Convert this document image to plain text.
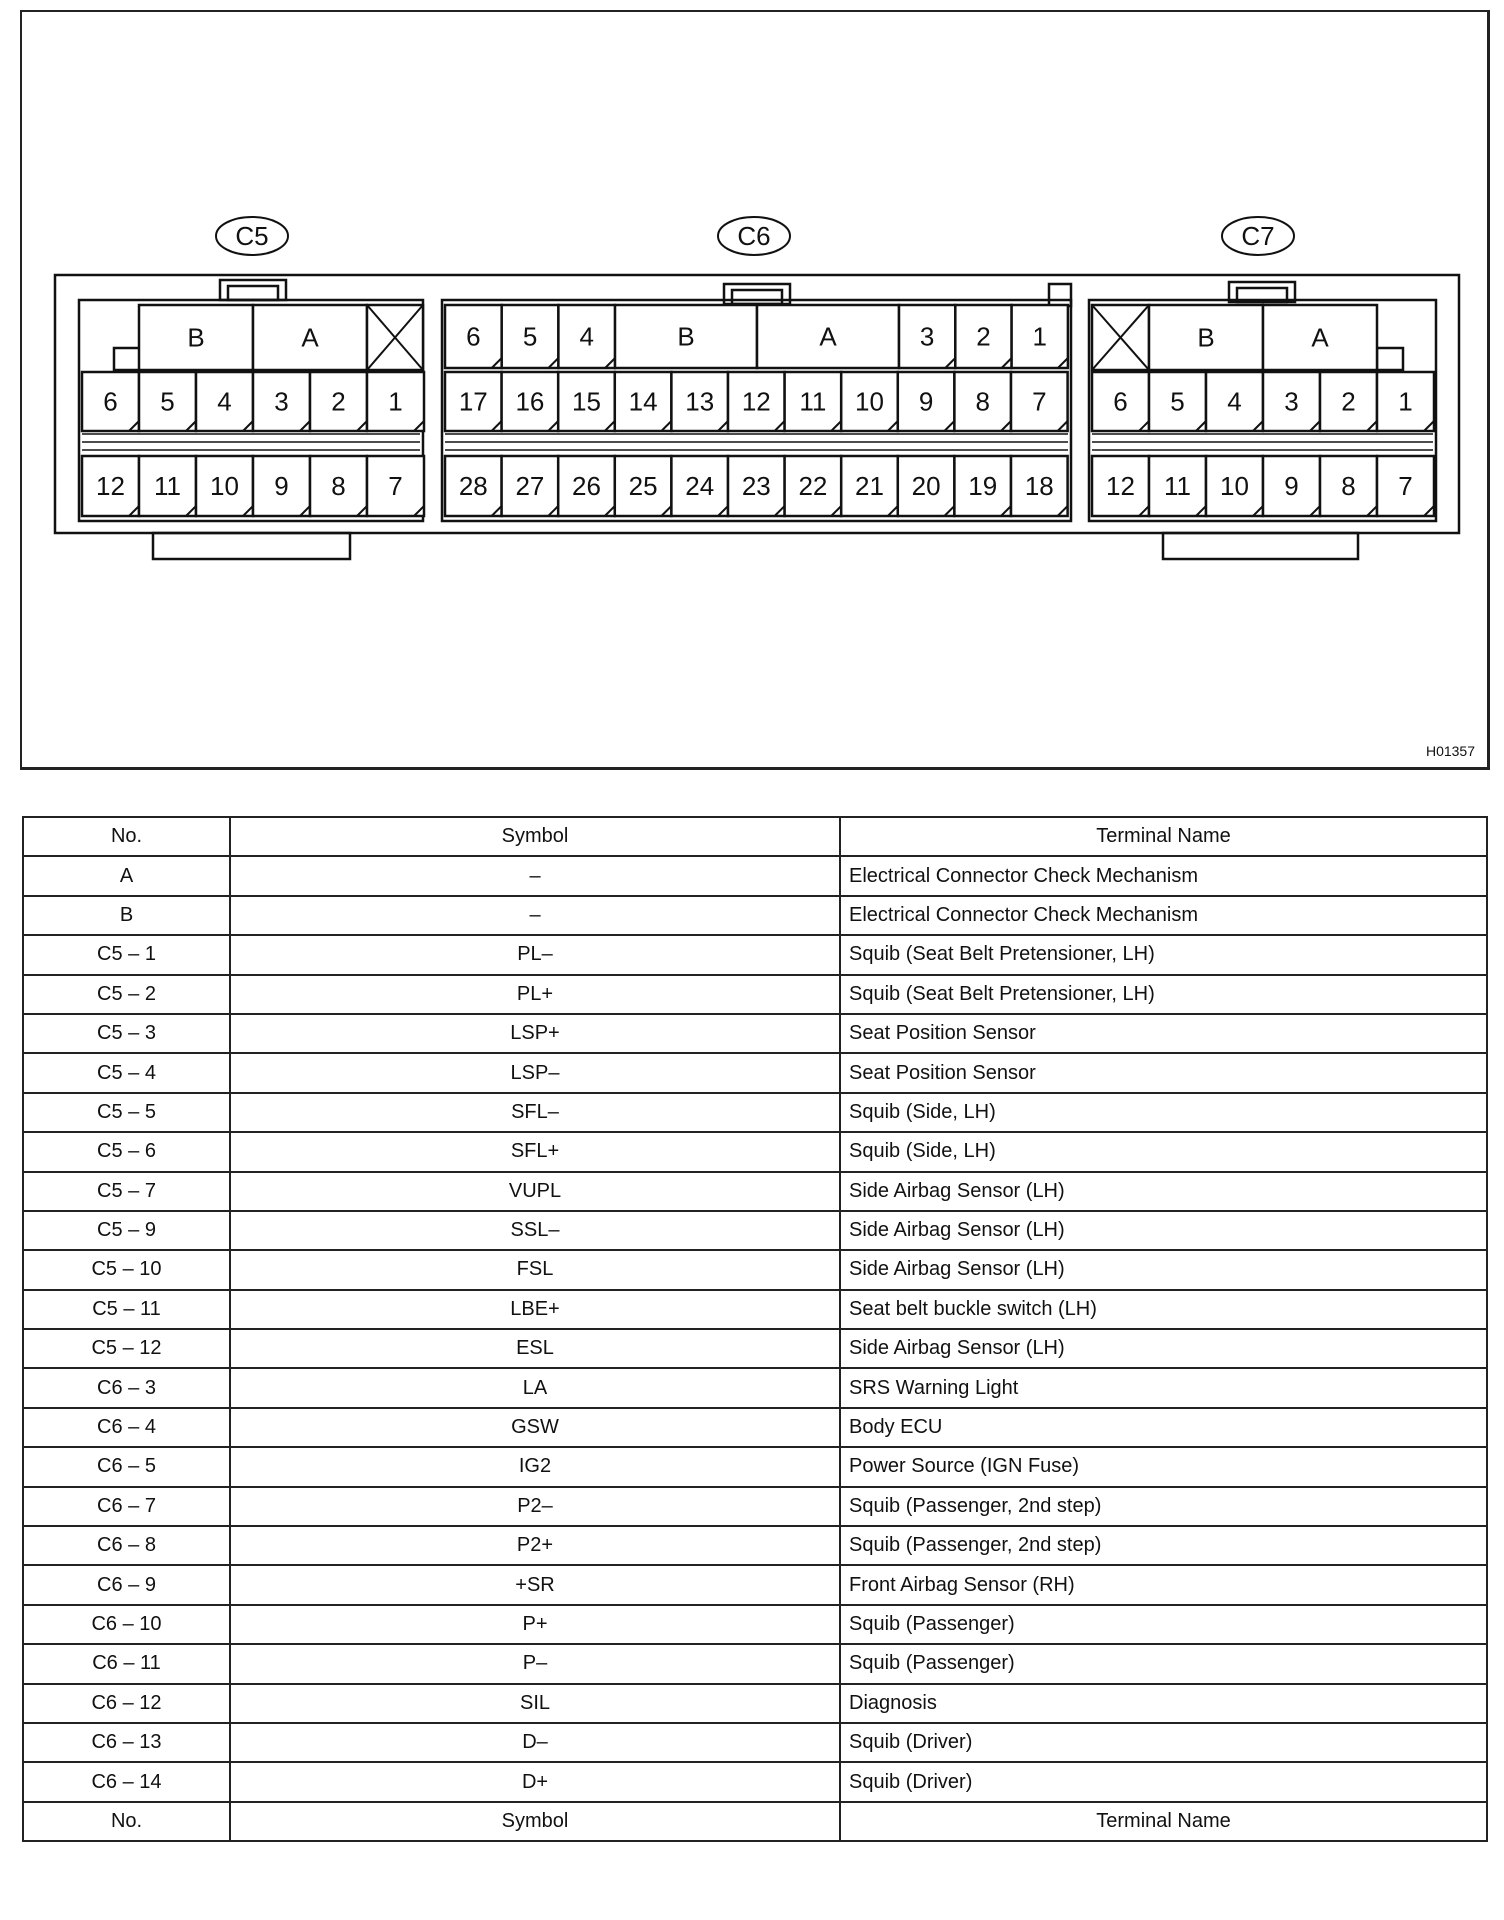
C5
B	A
6 5 4 3 2 1
12 11 10 9 8 7
C6
6 5 4	B	A	3 2 1
17 16 15 14 13 12 11 10 9 8 7
28 27 26 25 24 23 22 21 20 19 18
C7
B	A
6 5 4 3 2 1
12 11 10 9 8 7
H01357
No.	Symbol	Terminal Name
A	–	Electrical Connector Check Mechanism
B	–	Electrical Connector Check Mechanism
C5 – 1	PL–	Squib (Seat Belt Pretensioner, LH)
C5 – 2	PL+	Squib (Seat Belt Pretensioner, LH)
C5 – 3	LSP+	Seat Position Sensor
C5 – 4	LSP–	Seat Position Sensor
C5 – 5	SFL–	Squib (Side, LH)
C5 – 6	SFL+	Squib (Side, LH)
C5 – 7	VUPL	Side Airbag Sensor (LH)
C5 – 9	SSL–	Side Airbag Sensor (LH)
C5 – 10	FSL	Side Airbag Sensor (LH)
C5 – 11	LBE+	Seat belt buckle switch (LH)
C5 – 12	ESL	Side Airbag Sensor (LH)
C6 – 3	LA	SRS Warning Light
C6 – 4	GSW	Body ECU
C6 – 5	IG2	Power Source (IGN Fuse)
C6 – 7	P2–	Squib (Passenger, 2nd step)
C6 – 8	P2+	Squib (Passenger, 2nd step)
C6 – 9	+SR	Front Airbag Sensor (RH)
C6 – 10	P+	Squib (Passenger)
C6 – 11	P–	Squib (Passenger)
C6 – 12	SIL	Diagnosis
C6 – 13	D–	Squib (Driver)
C6 – 14	D+	Squib (Driver)
No.	Symbol	Terminal Name
